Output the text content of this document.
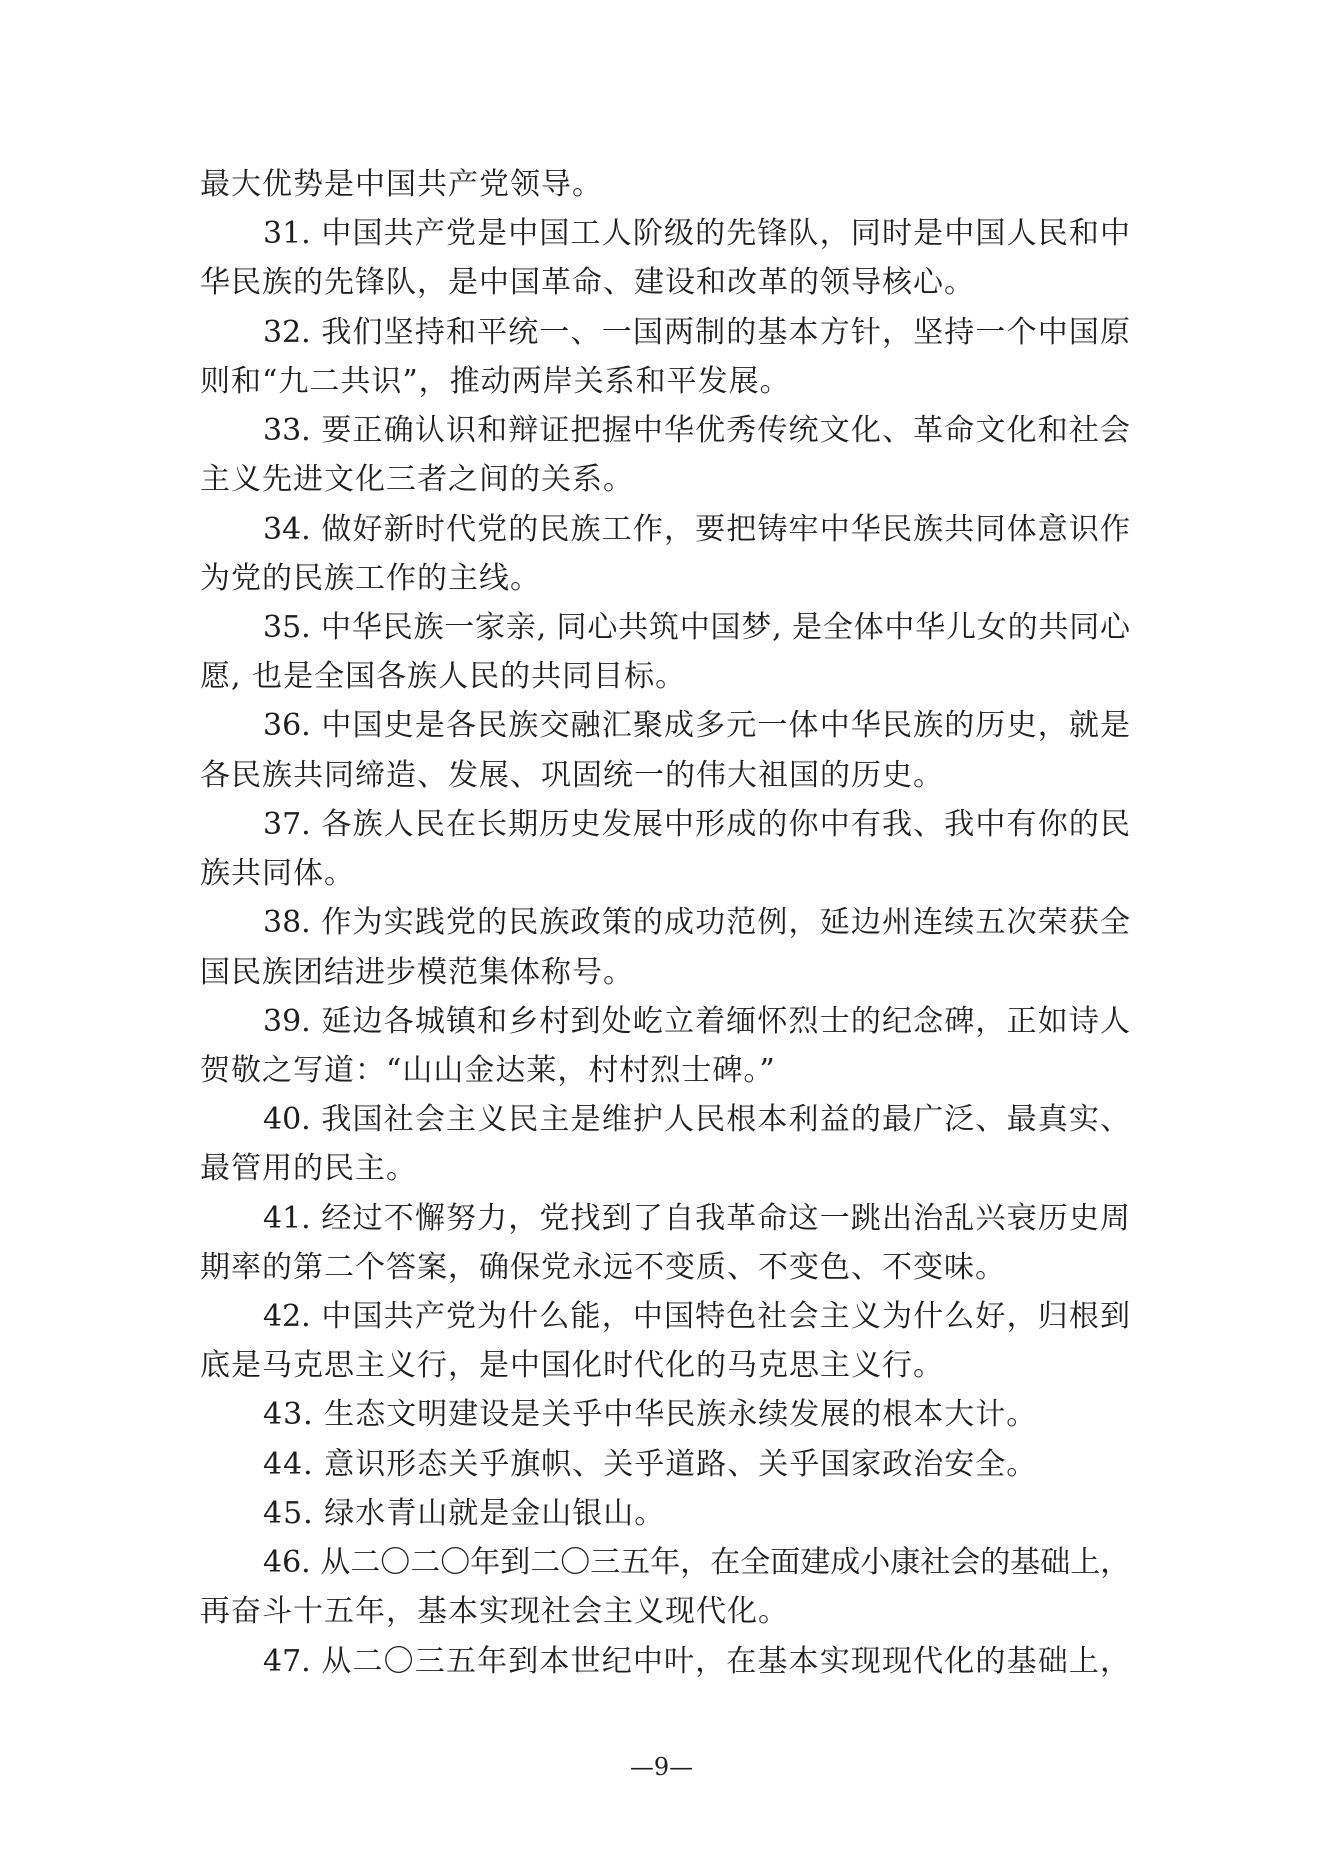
最大优势是中国共产党领导。
31. 中国共产党是中国工人阶级的先锋队，同时是中国人民和中
华民族的先锋队，是中国革命、建设和改革的领导核心。
32. 我们坚持和平统一、一国两制的基本方针，坚持一个中国原
则和“九二共识”，推动两岸关系和平发展。
33. 要正确认识和辩证把握中华优秀传统文化、革命文化和社会
主义先进文化三者之间的关系。
34. 做好新时代党的民族工作，要把铸牢中华民族共同体意识作
为党的民族工作的主线。
35. 中华民族一家亲, 同心共筑中国梦, 是全体中华儿女的共同心
愿, 也是全国各族人民的共同目标。
36. 中国史是各民族交融汇聚成多元一体中华民族的历史，就是
各民族共同缔造、发展、巩固统一的伟大祖国的历史。
37. 各族人民在长期历史发展中形成的你中有我、我中有你的民
族共同体。
38. 作为实践党的民族政策的成功范例，延边州连续五次荣获全
国民族团结进步模范集体称号。
39. 延边各城镇和乡村到处屹立着缅怀烈士的纪念碑，正如诗人
贺敬之写道：“山山金达莱，村村烈士碑。”
40. 我国社会主义民主是维护人民根本利益的最广泛、最真实、
最管用的民主。
41. 经过不懈努力，党找到了自我革命这一跳出治乱兴衰历史周
期率的第二个答案，确保党永远不变质、不变色、不变味。
42. 中国共产党为什么能，中国特色社会主义为什么好，归根到
底是马克思主义行，是中国化时代化的马克思主义行。
43. 生态文明建设是关乎中华民族永续发展的根本大计。
44. 意识形态关乎旗帜、关乎道路、关乎国家政治安全。
45. 绿水青山就是金山银山。
46. 从二〇二〇年到二〇三五年，在全面建成小康社会的基础上，
再奋斗十五年，基本实现社会主义现代化。
47. 从二〇三五年到本世纪中叶，在基本实现现代化的基础上，
—9—
